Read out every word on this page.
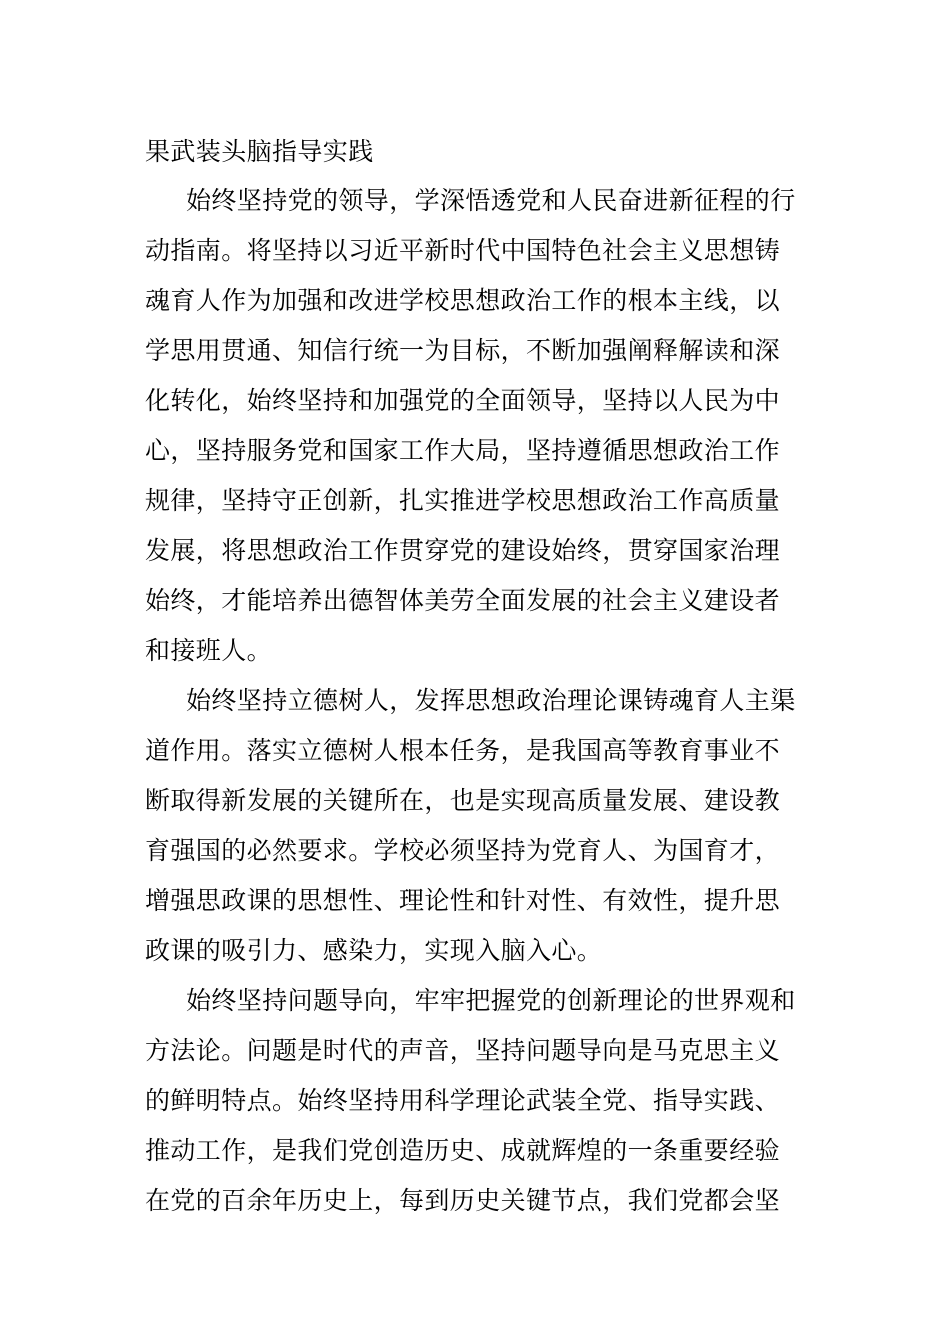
果武装头脑指导实践
始终坚持党的领导，学深悟透党和人民奋进新征程的行
动指南。将坚持以习近平新时代中国特色社会主义思想铸
魂育人作为加强和改进学校思想政治工作的根本主线，以
学思用贯通、知信行统一为目标，不断加强阐释解读和深
化转化，始终坚持和加强党的全面领导，坚持以人民为中
心，坚持服务党和国家工作大局，坚持遵循思想政治工作
规律，坚持守正创新，扎实推进学校思想政治工作高质量
发展，将思想政治工作贯穿党的建设始终，贯穿国家治理
始终，才能培养出德智体美劳全面发展的社会主义建设者
和接班人。
始终坚持立德树人，发挥思想政治理论课铸魂育人主渠
道作用。落实立德树人根本任务，是我国高等教育事业不
断取得新发展的关键所在，也是实现高质量发展、建设教
育强国的必然要求。学校必须坚持为党育人、为国育才，
增强思政课的思想性、理论性和针对性、有效性，提升思
政课的吸引力、感染力，实现入脑入心。
始终坚持问题导向，牢牢把握党的创新理论的世界观和
方法论。问题是时代的声音，坚持问题导向是马克思主义
的鲜明特点。始终坚持用科学理论武装全党、指导实践、
推动工作，是我们党创造历史、成就辉煌的一条重要经验
在党的百余年历史上，每到历史关键节点，我们党都会坚
